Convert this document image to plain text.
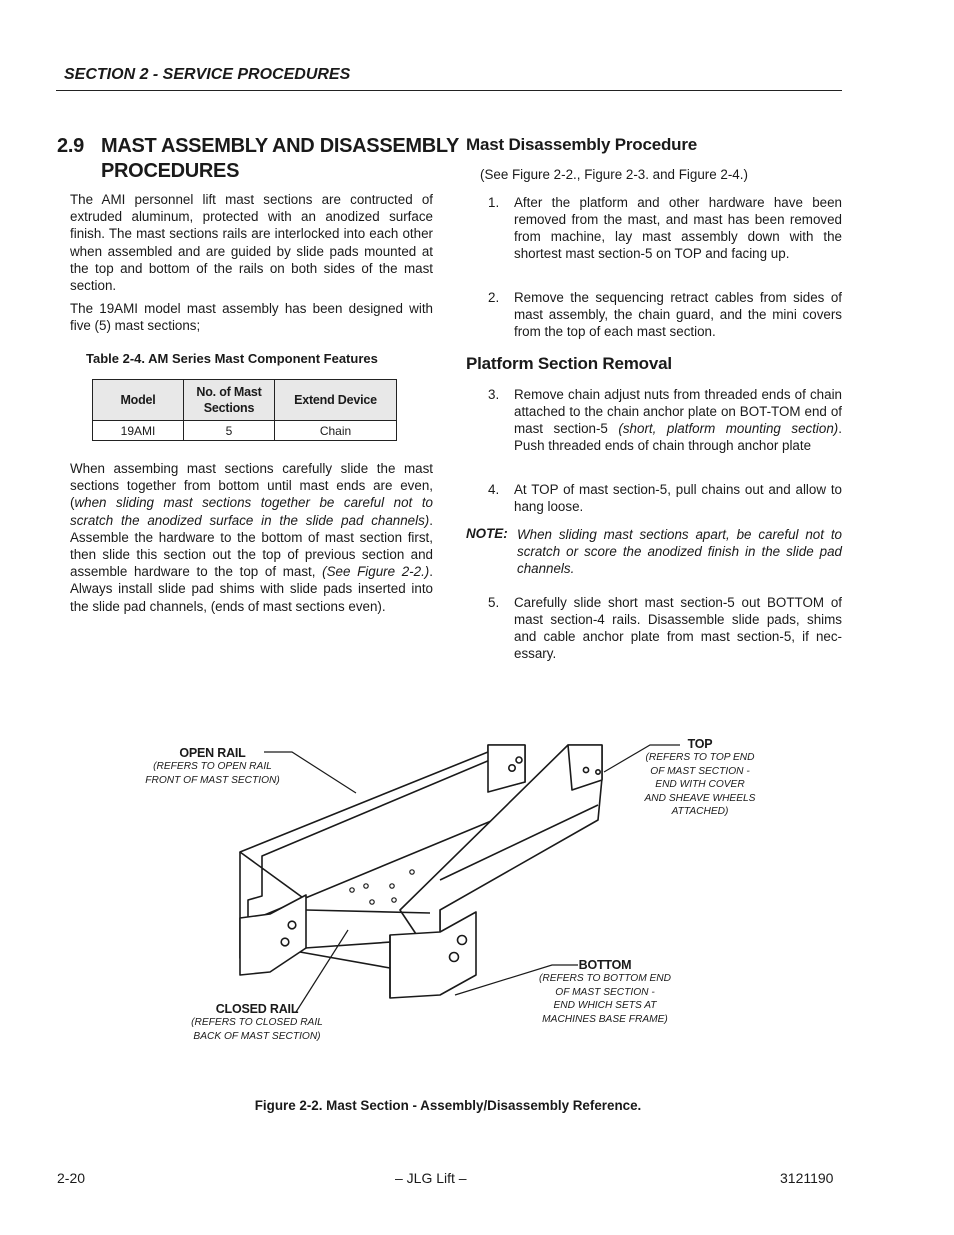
SECTION 2 - SERVICE PROCEDURES
2.9 MAST ASSEMBLY AND DISASSEMBLY
PROCEDURES

The AMI personnel lift mast sections are contructed of extruded aluminum, protected with an anodized surface finish. The mast sections rails are interlocked into each other when assembled and are guided by slide pads mounted at the top and bottom of the rails on both sides of the mast section.

The 19AMI model mast assembly has been designed with five (5) mast sections;

Table 2-4. AM Series Mast Component Features
Model	No. of Mast Sections	Extend Device
19AMI	5	Chain

When assembing mast sections carefully slide the mast sections together from bottom until mast ends are even, (when sliding mast sections together be careful not to scratch the anodized surface in the slide pad channels). Assemble the hardware to the bottom of mast section first, then slide this section out the top of previous section and assemble hardware to the top of mast, (See Figure 2-2.). Always install slide pad shims with slide pads inserted into the slide pad channels, (ends of mast sections even).

Mast Disassembly Procedure
(See Figure 2-2., Figure 2-3. and Figure 2-4.)
1. After the platform and other hardware have been removed from the mast, and mast has been removed from machine, lay mast assembly down with the shortest mast section-5 on TOP and facing up.
2. Remove the sequencing retract cables from sides of mast assembly, the chain guard, and the mini covers from the top of each mast section.
Platform Section Removal
3. Remove chain adjust nuts from threaded ends of chain attached to the chain anchor plate on BOT-TOM end of mast section-5 (short, platform mounting section). Push threaded ends of chain through anchor plate
4. At TOP of mast section-5, pull chains out and allow to hang loose.
NOTE: When sliding mast sections apart, be careful not to scratch or score the anodized finish in the slide pad channels.
5. Carefully slide short mast section-5 out BOTTOM of mast section-4 rails. Disassemble slide pads, shims and cable anchor plate from mast section-5, if nec-essary.
OPEN RAIL
(REFERS TO OPEN RAIL
FRONT OF MAST SECTION)
TOP
(REFERS TO TOP END
OF MAST SECTION -
END WITH COVER
AND SHEAVE WHEELS
ATTACHED)
BOTTOM
(REFERS TO BOTTOM END
OF MAST SECTION -
END WHICH SETS AT
MACHINES BASE FRAME)
CLOSED RAIL
(REFERS TO CLOSED RAIL
BACK OF MAST SECTION)
Figure 2-2. Mast Section - Assembly/Disassembly Reference.
2-20	– JLG Lift –	3121190
